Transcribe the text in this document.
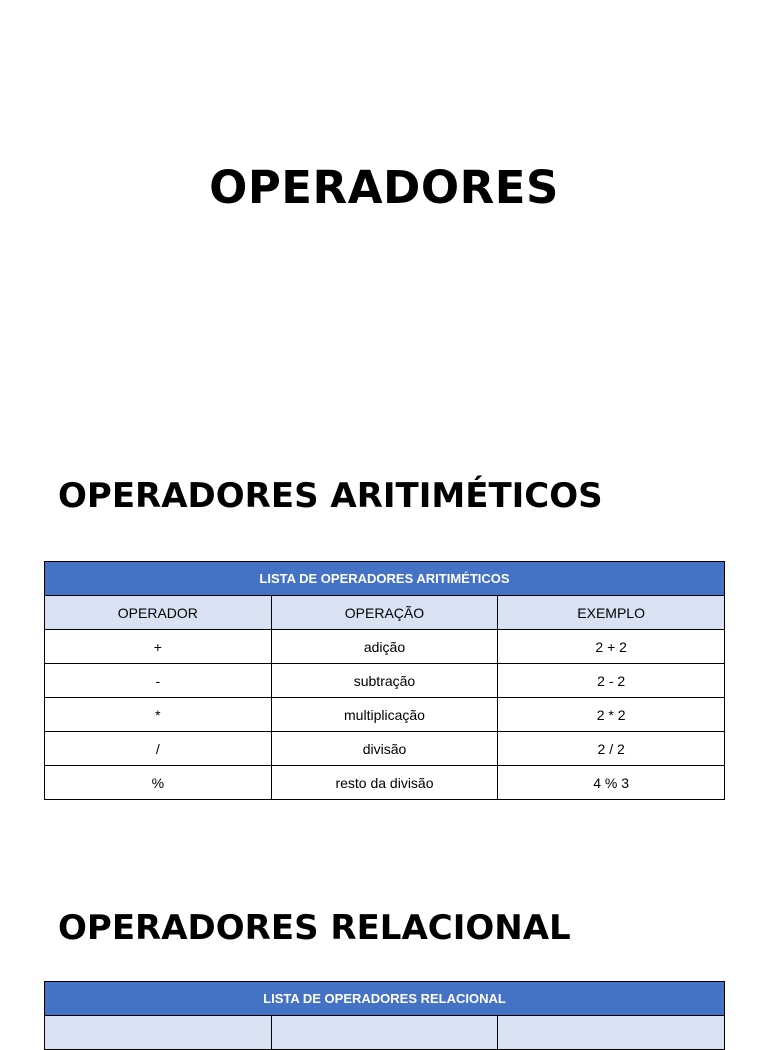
OPERADORES
OPERADORES ARITIMÉTICOS
LISTA DE OPERADORES ARITIMÉTICOS		
OPERADOR	OPERAÇÃO	EXEMPLO
+	adição	2 + 2
-	subtração	2 - 2
*	multiplicação	2 * 2
/	divisão	2 / 2
%	resto da divisão	4 % 3
OPERADORES RELACIONAL
LISTA DE OPERADORES RELACIONAL
